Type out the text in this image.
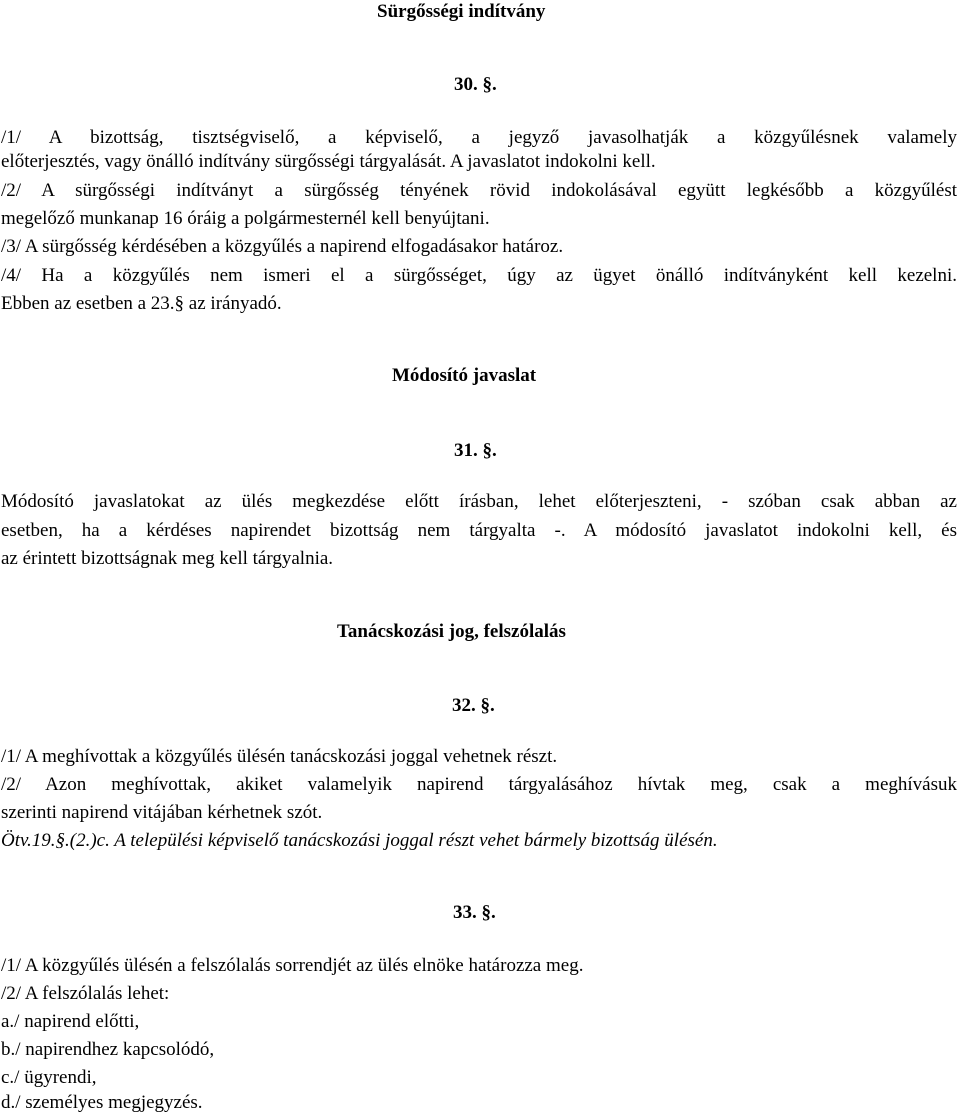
Sürgősségi indítvány
30. §.
/1/ A bizottság, tisztségviselő, a képviselő, a jegyző javasolhatják a közgyűlésnek valamely
előterjesztés, vagy önálló indítvány sürgősségi tárgyalását. A javaslatot indokolni kell.
/2/ A sürgősségi indítványt a sürgősség tényének rövid indokolásával együtt legkésőbb a közgyűlést
megelőző munkanap 16 óráig a polgármesternél kell benyújtani.
/3/ A sürgősség kérdésében a közgyűlés a napirend elfogadásakor határoz.
/4/ Ha a közgyűlés nem ismeri el a sürgősséget, úgy az ügyet önálló indítványként kell kezelni.
Ebben az esetben a 23.§ az irányadó.
Módosító javaslat
31. §.
Módosító javaslatokat az ülés megkezdése előtt írásban, lehet előterjeszteni, - szóban csak abban az
esetben, ha a kérdéses napirendet bizottság nem tárgyalta -. A módosító javaslatot indokolni kell, és
az érintett bizottságnak meg kell tárgyalnia.
Tanácskozási jog, felszólalás
32. §.
/1/ A meghívottak a közgyűlés ülésén tanácskozási joggal vehetnek részt.
/2/ Azon meghívottak, akiket valamelyik napirend tárgyalásához hívtak meg, csak a meghívásuk
szerinti napirend vitájában kérhetnek szót.
Ötv.19.§.(2.)c. A települési képviselő tanácskozási joggal részt vehet bármely bizottság ülésén.
33. §.
/1/ A közgyűlés ülésén a felszólalás sorrendjét az ülés elnöke határozza meg.
/2/ A felszólalás lehet:
a./ napirend előtti,
b./ napirendhez kapcsolódó,
c./ ügyrendi,
d./ személyes megjegyzés.
